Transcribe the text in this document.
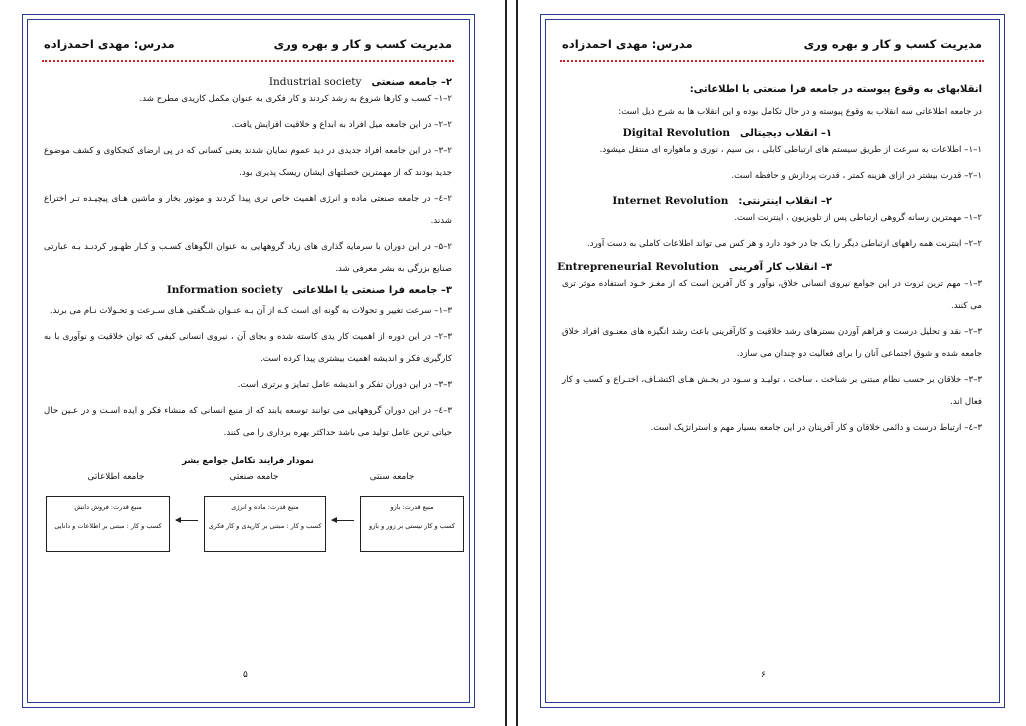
مدیریت کسب و کار و بهره وری
مدرس: مهدی احمدزاده
۲– جامعه صنعتیIndustrial society

۲–۱– کسب و کارها شروع به رشد کردند و کار فکری به عنوان مکمل کاریدی مطرح شد.

۲–۲– در این جامعه میل افراد به ابداع و خلاقیت افزایش یافت.

۲–۳– در این جامعه افراد جدیدی در دید عموم نمایان شدند یعنی کسانی که در پی ارضای کنجکاوی و کشف موضوع جدید بودند که از مهمترین خصلتهای ایشان ریسک پذیری بود.

۲–٤– در جامعه صنعتی ماده و انرژی اهمیت خاص تری پیدا کردند و موتور بخار و ماشین هـای پیچیـده تـر اختراع شدند.

۲–۵– در این دوران با سرمایه گذاری های زیاد گروههایی به عنوان الگوهای کسـب و کـار ظهـور کردنـد بـه عبارتی صنایع بزرگی به بشر معرفی شد.

۳– جامعه فرا صنعتی یا اطلاعاتیInformation society

۳–۱– سرعت تغییر و تحولات به گونه ای است کـه از آن بـه عنـوان شـگفتی هـای سـرعت و تحـولات نـام می برند.

۳–۲– در این دوره از اهمیت کار یدی کاسته شده و بجای آن ، نیروی انسانی کیفی که توان خلاقیت و نوآوری با به کارگیری فکر و اندیشه اهمیت بیشتری پیدا کرده است.

۳–۳– در این دوران تفکر و اندیشه عامل تمایز و برتری است.

۳–٤– در این دوران گروههایی می توانند توسعه یابند که از منبع انسانی که منشاء فکر و ایده اسـت و در عـین حال حیاتی ترین عامل تولید می باشد حداکثر بهره برداری را می کنند.

نمودار فرایند تکامل جوامع بشر
جامعه اطلاعاتی	جامعه صنعتی	جامعه سنتی
منبع قدرت: فروش دانش
کسب و کار : مبتنی بر اطلاعات و دانایی
منبع قدرت: ماده و انرژی
کسب و کار : مبتنی بر کاریدی و کار فکری
منبع قدرت: بازو
کسب و کار نیستی بر زور و بازو
۵
مدیریت کسب و کار و بهره وری
مدرس: مهدی احمدزاده
انقلابهای به وقوع پیوسته در جامعه فرا صنعتی یا اطلاعاتی:

در جامعه اطلاعاتی سه انقلاب به وقوع پیوسته و در حال تکامل بوده و این انقلاب ها به شرح ذیل است:

۱– انقلاب دیجیتالیDigital Revolution

۱–۱– اطلاعات به سرعت از طریق سیستم های ارتباطی کابلی ، بی سیم ، نوری و ماهواره ای منتقل میشود.

۱–۲– قدرت بیشتر در ازای هزینه کمتر ، قدرت پردازش و حافظه است.

۲– انقلاب اینترنتی:Internet Revolution

۲–۱– مهمترین رسانه گروهی ارتباطی پس از تلویزیون ، اینترنت است.

۲–۲– اینترنت همه راههای ارتباطی دیگر را یک جا در خود دارد و هر کس می تواند اطلاعات کاملی به دست آورد.

۳– انقلاب کار آفرینیEntrepreneurial Revolution

۳–۱– مهم ترین ثروت در این جوامع نیروی انسانی خلاق، نوآور و کار آفرین است که از مغـز خـود استفاده موثر تری می کنند.

۳–۲– نقد و تحلیل درست و فراهم آوردن بسترهای رشد خلاقیت و کارآفرینی باعث رشد انگیزه های معنـوی افراد خلاق جامعه شده و شوق اجتماعی آنان را برای فعالیت دو چندان می سازد.

۳–۳– خلاقان بر حسب نظام مبتنی بر شناخت ، ساخت ، تولیـد و سـود در بخـش هـای اکتشـاف، اختـراع و کسب و کار فعال اند.

۳–٤– ارتباط درست و دائمی خلاقان و کار آفرینان در این جامعه بسیار مهم و استراتژیک است.

۶
